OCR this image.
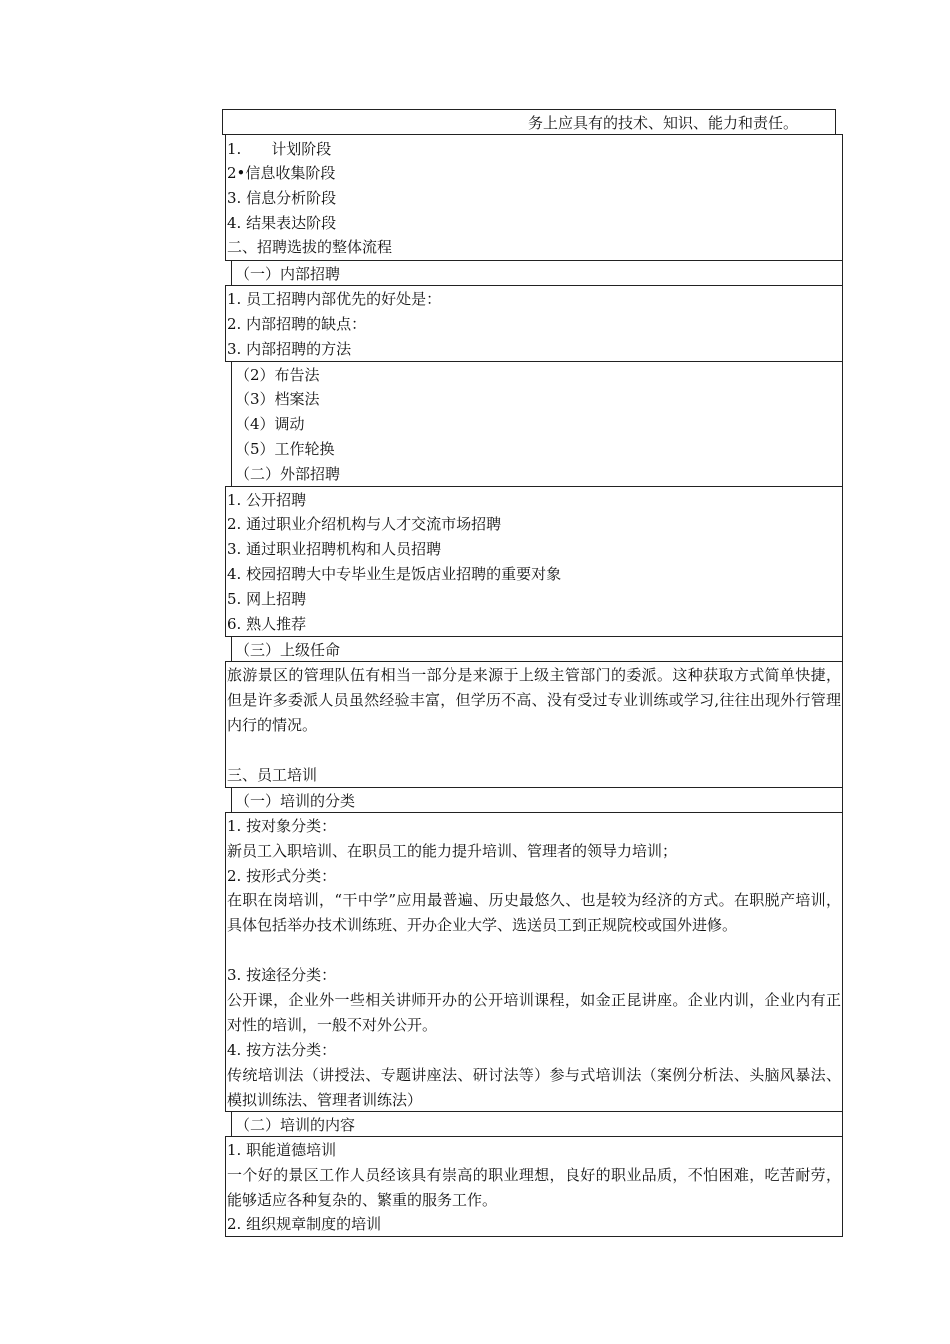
务上应具有的技术、知识、能力和责任。
1.　　计划阶段
2•信息收集阶段
3. 信息分析阶段
4. 结果表达阶段
二、招聘选拔的整体流程
（一）内部招聘
1. 员工招聘内部优先的好处是：
2. 内部招聘的缺点：
3. 内部招聘的方法
（2）布告法
（3）档案法
（4）调动
（5）工作轮换
（二）外部招聘
1. 公开招聘
2. 通过职业介绍机构与人才交流市场招聘
3. 通过职业招聘机构和人员招聘
4. 校园招聘大中专毕业生是饭店业招聘的重要对象
5. 网上招聘
6. 熟人推荐
（三）上级任命
旅游景区的管理队伍有相当一部分是来源于上级主管部门的委派。这种获取方式简单快捷，但是许多委派人员虽然经验丰富，但学历不高、没有受过专业训练或学习,往往出现外行管理内行的情况。
三、员工培训
（一）培训的分类
1. 按对象分类：
新员工入职培训、在职员工的能力提升培训、管理者的领导力培训；
2. 按形式分类：
在职在岗培训，“干中学”应用最普遍、历史最悠久、也是较为经济的方式。在职脱产培训，具体包括举办技术训练班、开办企业大学、选送员工到正规院校或国外进修。
3. 按途径分类：
公开课，企业外一些相关讲师开办的公开培训课程，如金正昆讲座。企业内训，企业内有正对性的培训，一般不对外公开。
4. 按方法分类：
传统培训法（讲授法、专题讲座法、研讨法等）参与式培训法（案例分析法、头脑风暴法、模拟训练法、管理者训练法）
（二）培训的内容
1. 职能道德培训
一个好的景区工作人员经该具有崇高的职业理想，良好的职业品质，不怕困难，吃苦耐劳，能够适应各种复杂的、繁重的服务工作。
2. 组织规章制度的培训
